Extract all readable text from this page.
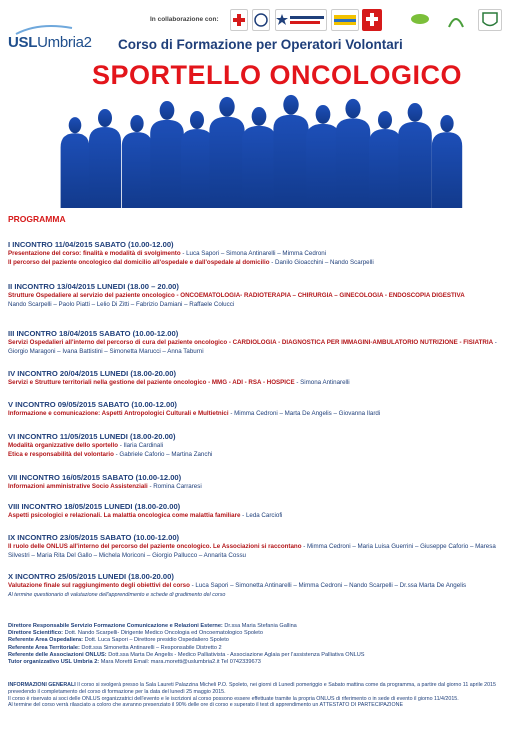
In collaborazione con:
USLUmbria2 Corso di Formazione per Operatori Volontari
SPORTELLO ONCOLOGICO
PROGRAMMA
I INCONTRO 11/04/2015 SABATO (10.00-12.00)
Presentazione del corso: finalità e modalità di svolgimento - Luca Sapori – Simona Antinarelli – Mimma Cedroni
Il percorso del paziente oncologico dal domicilio all'ospedale e dall'ospedale al domicilio - Danilo Gioacchini – Nando Scarpelli
II INCONTRO 13/04/2015 LUNEDI (18.00 – 20.00)
Strutture Ospedaliere al servizio del paziente oncologico - ONCOEMATOLOGIA- RADIOTERAPIA – CHIRURGIA – GINECOLOGIA - ENDOSCOPIA DIGESTIVA
Nando Scarpelli – Paolo Piatti – Lelio Di Zitti – Fabrizio Damiani – Raffaele Colucci
III INCONTRO 18/04/2015 SABATO (10.00-12.00)
Servizi Ospedalieri all'interno del percorso di cura del paziente oncologico - CARDIOLOGIA - DIAGNOSTICA PER IMMAGINI-AMBULATORIO NUTRIZIONE - FISIATRIA - Giorgio Maragoni – Ivana Battistini – Simonetta Marucci – Anna Taburni
IV INCONTRO 20/04/2015 LUNEDI (18.00-20.00)
Servizi e Strutture territoriali nella gestione del paziente oncologico - MMG - ADI - RSA - HOSPICE - Simona Antinarelli
V INCONTRO 09/05/2015 SABATO (10.00-12.00)
Informazione e comunicazione: Aspetti Antropologici Culturali e Multietnici - Mimma Cedroni – Marta De Angelis – Giovanna Ilardi
VI INCONTRO 11/05/2015 LUNEDI (18.00-20.00)
Modalità organizzative dello sportello - Ilaria Cardinali
Etica e responsabilità del volontario - Gabriele Caforio – Martina Zanchi
VII INCONTRO 16/05/2015 SABATO (10.00-12.00)
Informazioni amministrative Socio Assistenziali - Romina Carraresi
VIII INCONTRO 18/05/2015 LUNEDI (18.00-20.00)
Aspetti psicologici e relazionali. La malattia oncologica come malattia familiare - Leda Carciofi
IX INCONTRO 23/05/2015 SABATO (10.00-12.00)
Il ruolo delle ONLUS all'interno del percorso del paziente oncologico. Le Associazioni si raccontano - Mimma Cedroni – Maria Luisa Guerrini – Giuseppe Caforio – Maresa Silvestri – Maria Rita Del Gallo – Michela Moriconi – Giorgio Pallucco – Annarita Cossu
X INCONTRO 25/05/2015 LUNEDI (18.00-20.00)
Valutazione finale sul raggiungimento degli obiettivi del corso - Luca Sapori – Simonetta Antinarelli – Mimma Cedroni – Nando Scarpelli – Dr.ssa Marta De Angelis
Al termine questionario di valutazione dell'apprendimento e schede di gradimento del corso
Direttore Responsabile Servizio Formazione Comunicazione e Relazioni Esterne: Dr.ssa Maria Stefania Gallina
Direttore Scientifico: Dott. Nando Scarpelli- Dirigente Medico Oncologia ed Oncoematologico Spoleto
Referente Area Ospedaliera: Dott. Luca Sapori – Direttore presidio Ospedaliero Spoleto
Referente Area Territoriale: Dott.ssa Simonetta Antinarelli – Responsabile Distretto 2
Referente delle Associazioni ONLUS: Dott.ssa Marta De Angelis - Medico Palliativista - Associazione Aglaia per l'assistenza Palliativa ONLUS
Tutor organizzativo USL Umbria 2: Mara Moretti Email: mara.moretti@uslumbria2.it Tel 0742339673
INFORMAZIONI GENERALI Il corso si svolgerà presso la Sala Laureti Palazzina Micheli P.O. Spoleto, nei giorni di Lunedì pomeriggio e Sabato mattina come da programma, a partire dal giorno 11 aprile 2015 prevedendo il completamento del corso di formazione per la data del lunedì 25 maggio 2015.
Il corso è riservato ai soci delle ONLUS organizzatrici dell'evento e le iscrizioni al corso possono essere effettuate tramite la propria ONLUS di riferimento o in sede di evento il giorno 11/4/2015.
Al termine del corso verrà rilasciato a coloro che avranno presenziato il 90% delle ore di corso e superato il test di apprendimento un ATTESTATO DI PARTECIPAZIONE
